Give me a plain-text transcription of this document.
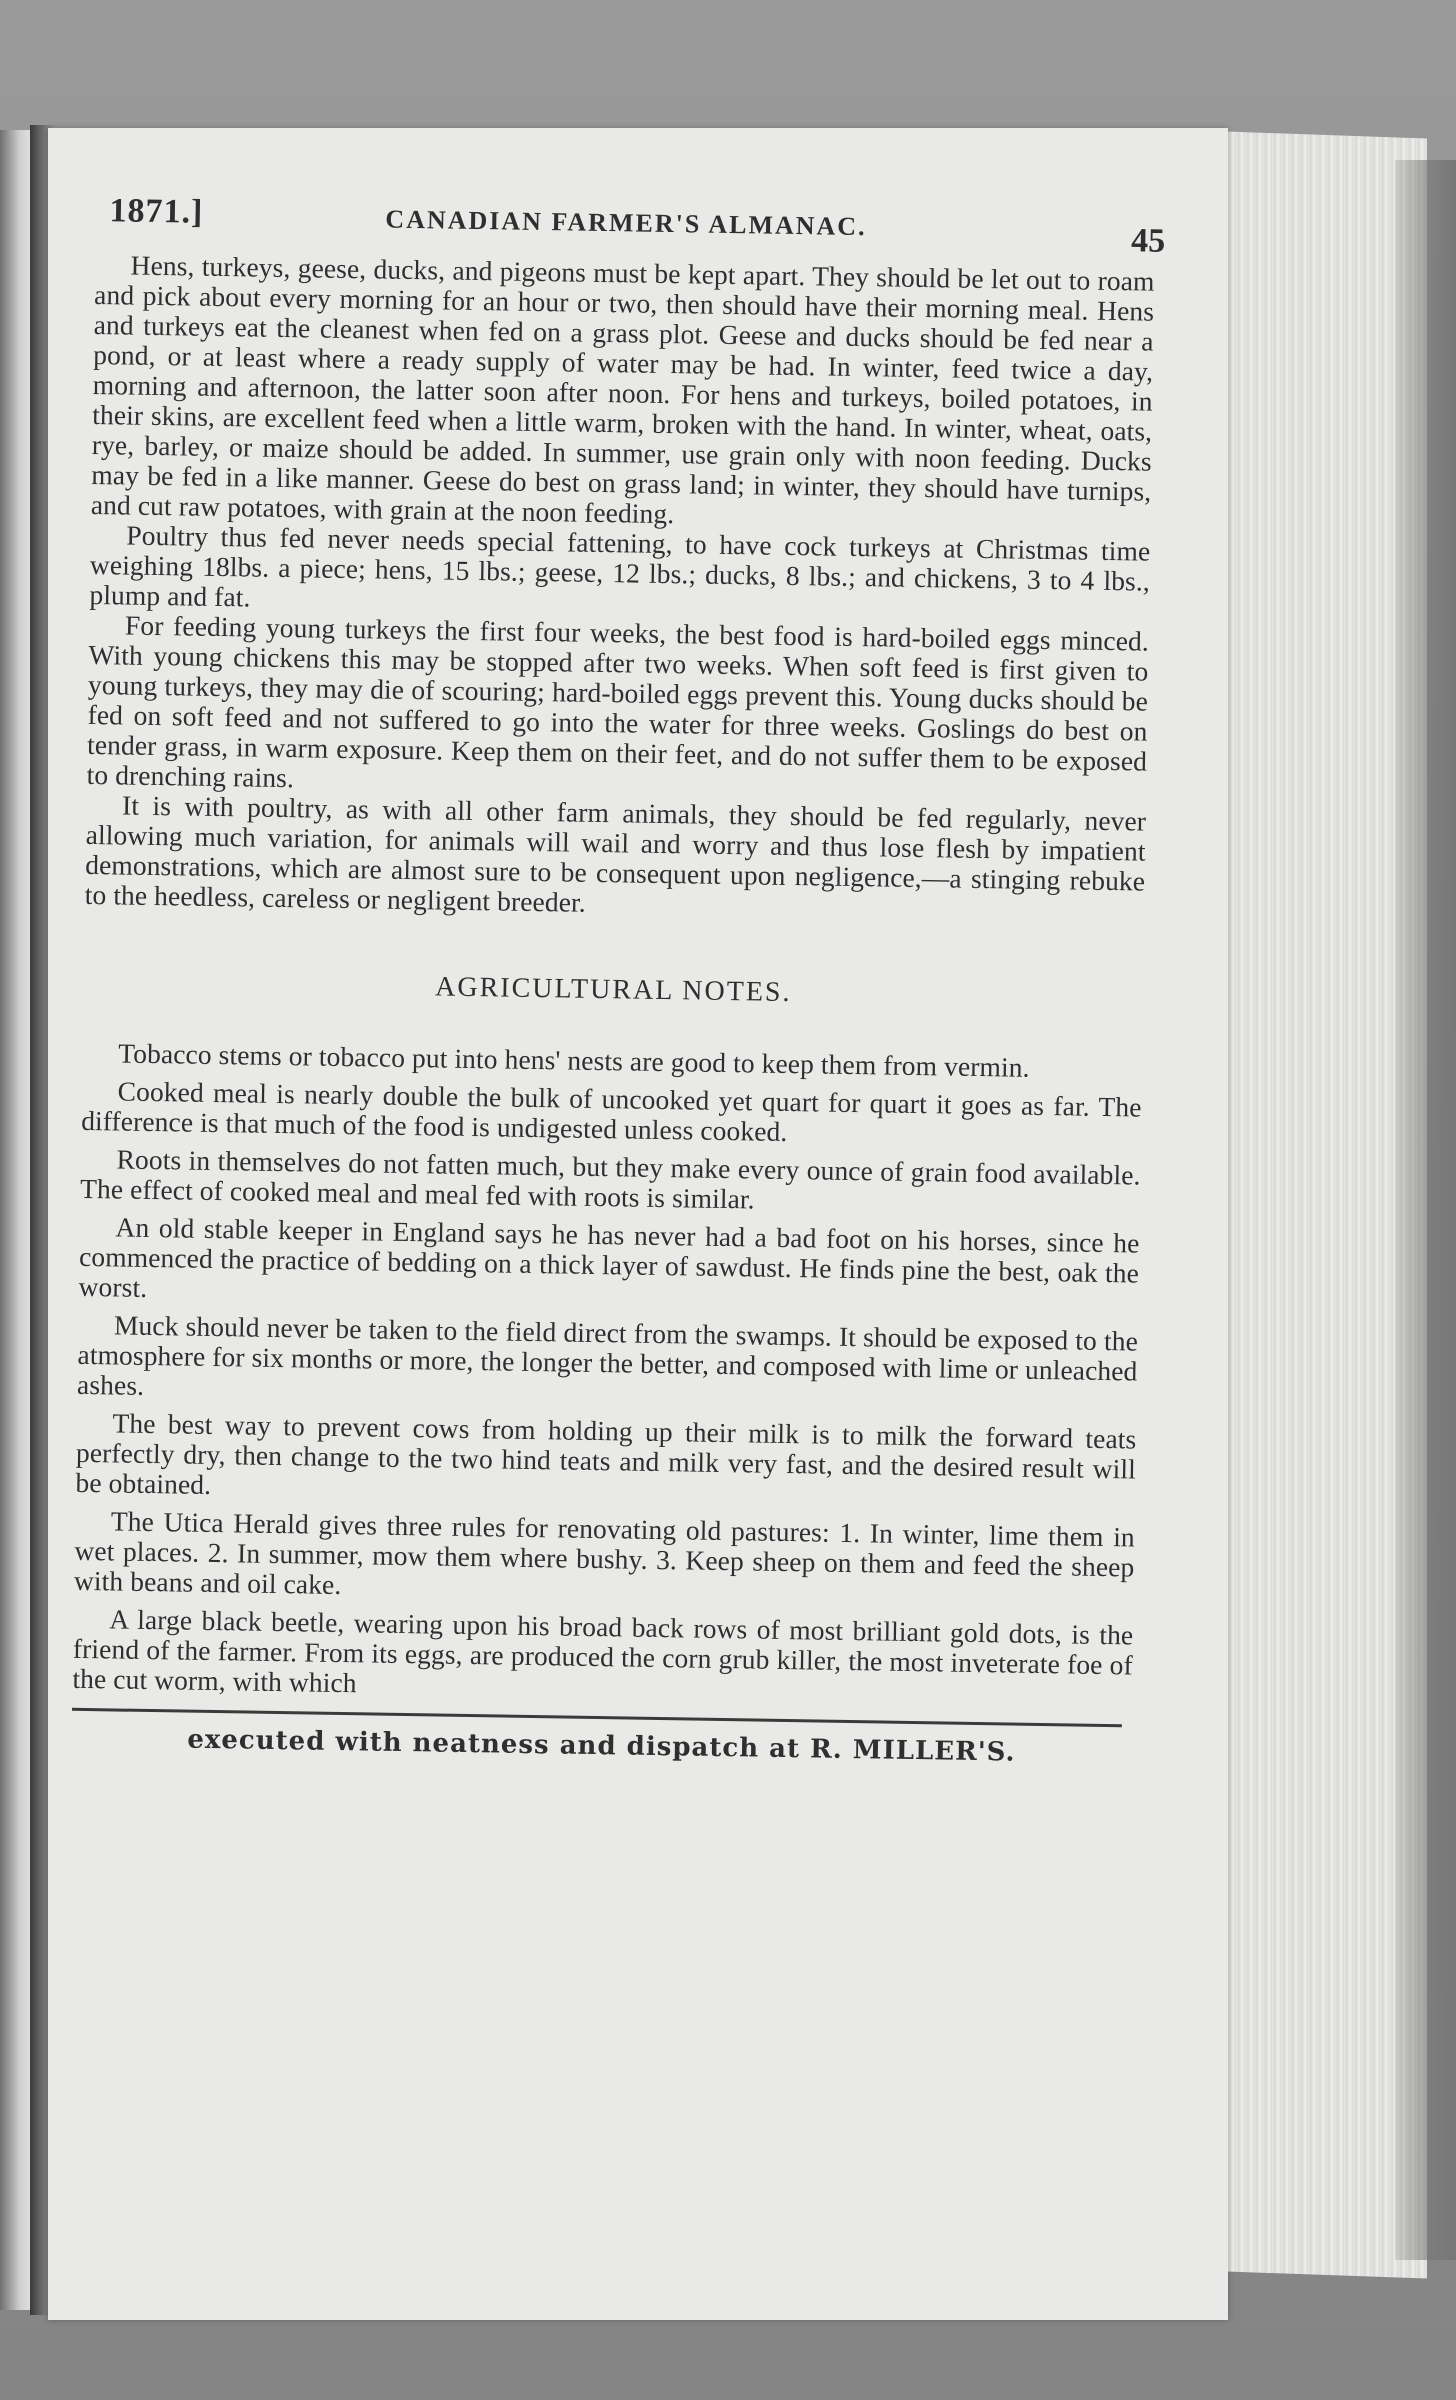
1871.]	CANADIAN FARMER'S ALMANAC.	45

Hens, turkeys, geese, ducks, and pigeons must be kept apart. They should be let out to roam and pick about every morning for an hour or two, then should have their morning meal. Hens and turkeys eat the cleanest when fed on a grass plot. Geese and ducks should be fed near a pond, or at least where a ready supply of water may be had. In winter, feed twice a day, morning and afternoon, the latter soon after noon. For hens and turkeys, boiled potatoes, in their skins, are excellent feed when a little warm, broken with the hand. In winter, wheat, oats, rye, barley, or maize should be added. In summer, use grain only with noon feeding. Ducks may be fed in a like manner. Geese do best on grass land; in winter, they should have turnips, and cut raw potatoes, with grain at the noon feeding.

Poultry thus fed never needs special fattening, to have cock turkeys at Christmas time weighing 18lbs. a piece; hens, 15 lbs.; geese, 12 lbs.; ducks, 8 lbs.; and chickens, 3 to 4 lbs., plump and fat.

For feeding young turkeys the first four weeks, the best food is hard-boiled eggs minced. With young chickens this may be stopped after two weeks. When soft feed is first given to young turkeys, they may die of scouring; hard-boiled eggs prevent this. Young ducks should be fed on soft feed and not suffered to go into the water for three weeks. Goslings do best on tender grass, in warm exposure. Keep them on their feet, and do not suffer them to be exposed to drenching rains.

It is with poultry, as with all other farm animals, they should be fed regularly, never allowing much variation, for animals will wail and worry and thus lose flesh by impatient demonstrations, which are almost sure to be consequent upon negligence,—a stinging rebuke to the heedless, careless or negligent breeder.

AGRICULTURAL NOTES.

Tobacco stems or tobacco put into hens' nests are good to keep them from vermin.

Cooked meal is nearly double the bulk of uncooked yet quart for quart it goes as far. The difference is that much of the food is undigested unless cooked.

Roots in themselves do not fatten much, but they make every ounce of grain food available. The effect of cooked meal and meal fed with roots is similar.

An old stable keeper in England says he has never had a bad foot on his horses, since he commenced the practice of bedding on a thick layer of sawdust. He finds pine the best, oak the worst.

Muck should never be taken to the field direct from the swamps. It should be exposed to the atmosphere for six months or more, the longer the better, and composed with lime or unleached ashes.

The best way to prevent cows from holding up their milk is to milk the forward teats perfectly dry, then change to the two hind teats and milk very fast, and the desired result will be obtained.

The Utica Herald gives three rules for renovating old pastures: 1. In winter, lime them in wet places. 2. In summer, mow them where bushy. 3. Keep sheep on them and feed the sheep with beans and oil cake.

A large black beetle, wearing upon his broad back rows of most brilliant gold dots, is the friend of the farmer. From its eggs, are produced the corn grub killer, the most inveterate foe of the cut worm, with which

executed with neatness and dispatch at R. MILLER'S.
